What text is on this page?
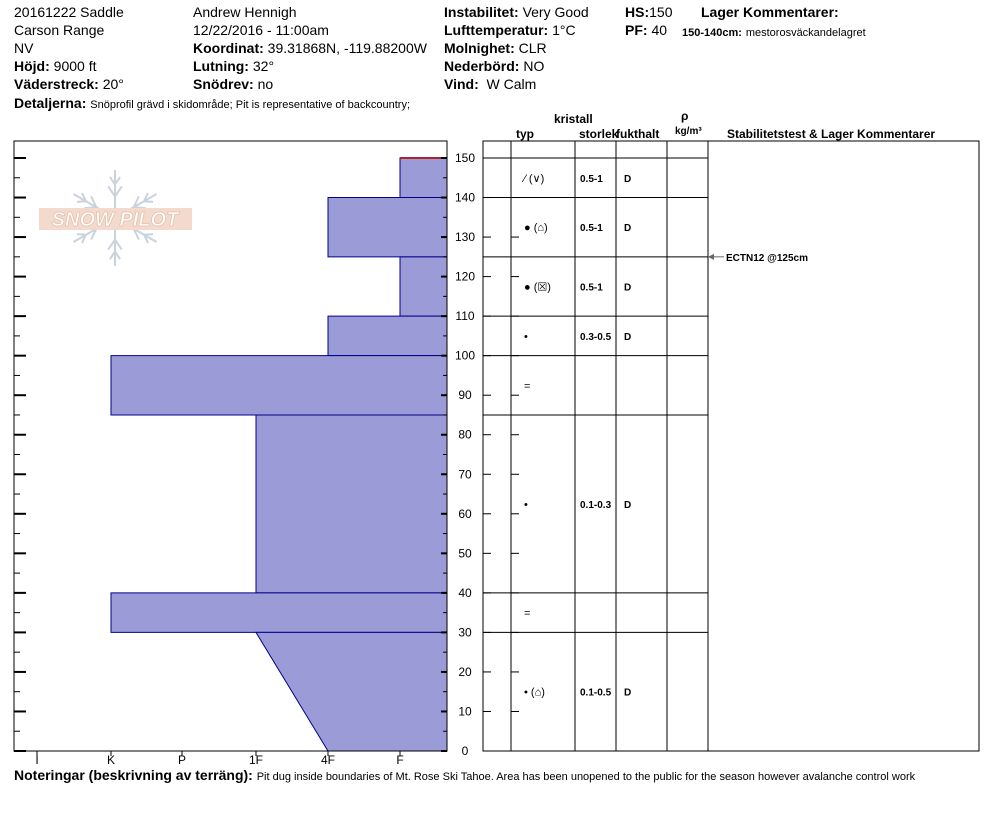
20161222 Saddle
Carson Range
NV
Höjd: 9000 ft
Väderstreck: 20°
Detaljerna: Snöprofil grävd i skidområde; Pit is representative of backcountry;
Andrew Hennigh
12/22/2016 - 11:00am
Koordinat: 39.31868N, -119.88200W
Lutning: 32°
Snödrev: no
Instabilitet: Very Good
Lufttemperatur: 1°C
Molnighet: CLR
Nederbörd: NO
Vind: W Calm
HS:150
PF: 40
Lager Kommentarer:
150-140cm: mestorosväckandelagret
kristall
typ	storlek
fukthalt
ρ
kg/m³ Stabilitetstest & Lager Kommentarer
SNOW PILOT
I	K	P	1F	4F	F
0
10
20
30
40
50
60
70
80
90
100
110
120
130
140
150
∕ (∨)	0.5-1 D
● (⌂)	0.5-1 D
● (☒)	0.5-1 D
•	0.3-0.5 D
=
•	0.1-0.3 D
=
• (⌂)	0.1-0.5 D
ECTN12 @125cm
Noteringar (beskrivning av terräng): Pit dug inside boundaries of Mt. Rose Ski Tahoe. Area has been unopened to the public for the season however avalanche control work
